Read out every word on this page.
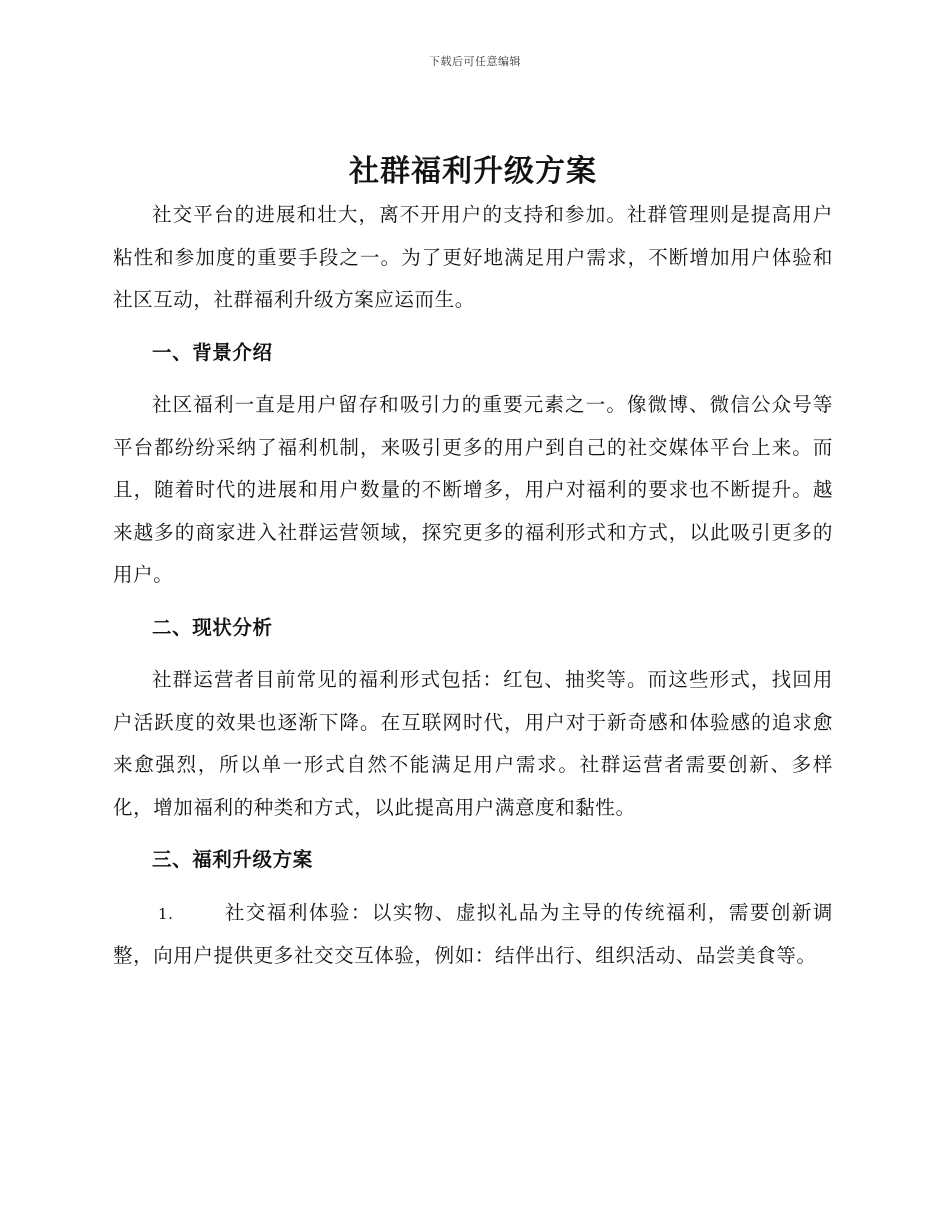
下载后可任意编辑
社群福利升级方案

社交平台的进展和壮大，离不开用户的支持和参加。社群管理则是提高用户粘性和参加度的重要手段之一。为了更好地满足用户需求，不断增加用户体验和社区互动，社群福利升级方案应运而生。

一、背景介绍

社区福利一直是用户留存和吸引力的重要元素之一。像微博、微信公众号等平台都纷纷采纳了福利机制，来吸引更多的用户到自己的社交媒体平台上来。而且，随着时代的进展和用户数量的不断增多，用户对福利的要求也不断提升。越来越多的商家进入社群运营领域，探究更多的福利形式和方式，以此吸引更多的用户。

二、现状分析

社群运营者目前常见的福利形式包括：红包、抽奖等。而这些形式，找回用户活跃度的效果也逐渐下降。在互联网时代，用户对于新奇感和体验感的追求愈来愈强烈，所以单一形式自然不能满足用户需求。社群运营者需要创新、多样化，增加福利的种类和方式，以此提高用户满意度和黏性。

三、福利升级方案

1.	社交福利体验：以实物、虚拟礼品为主导的传统福利，需要创新调整，向用户提供更多社交交互体验，例如：结伴出行、组织活动、品尝美食等。
